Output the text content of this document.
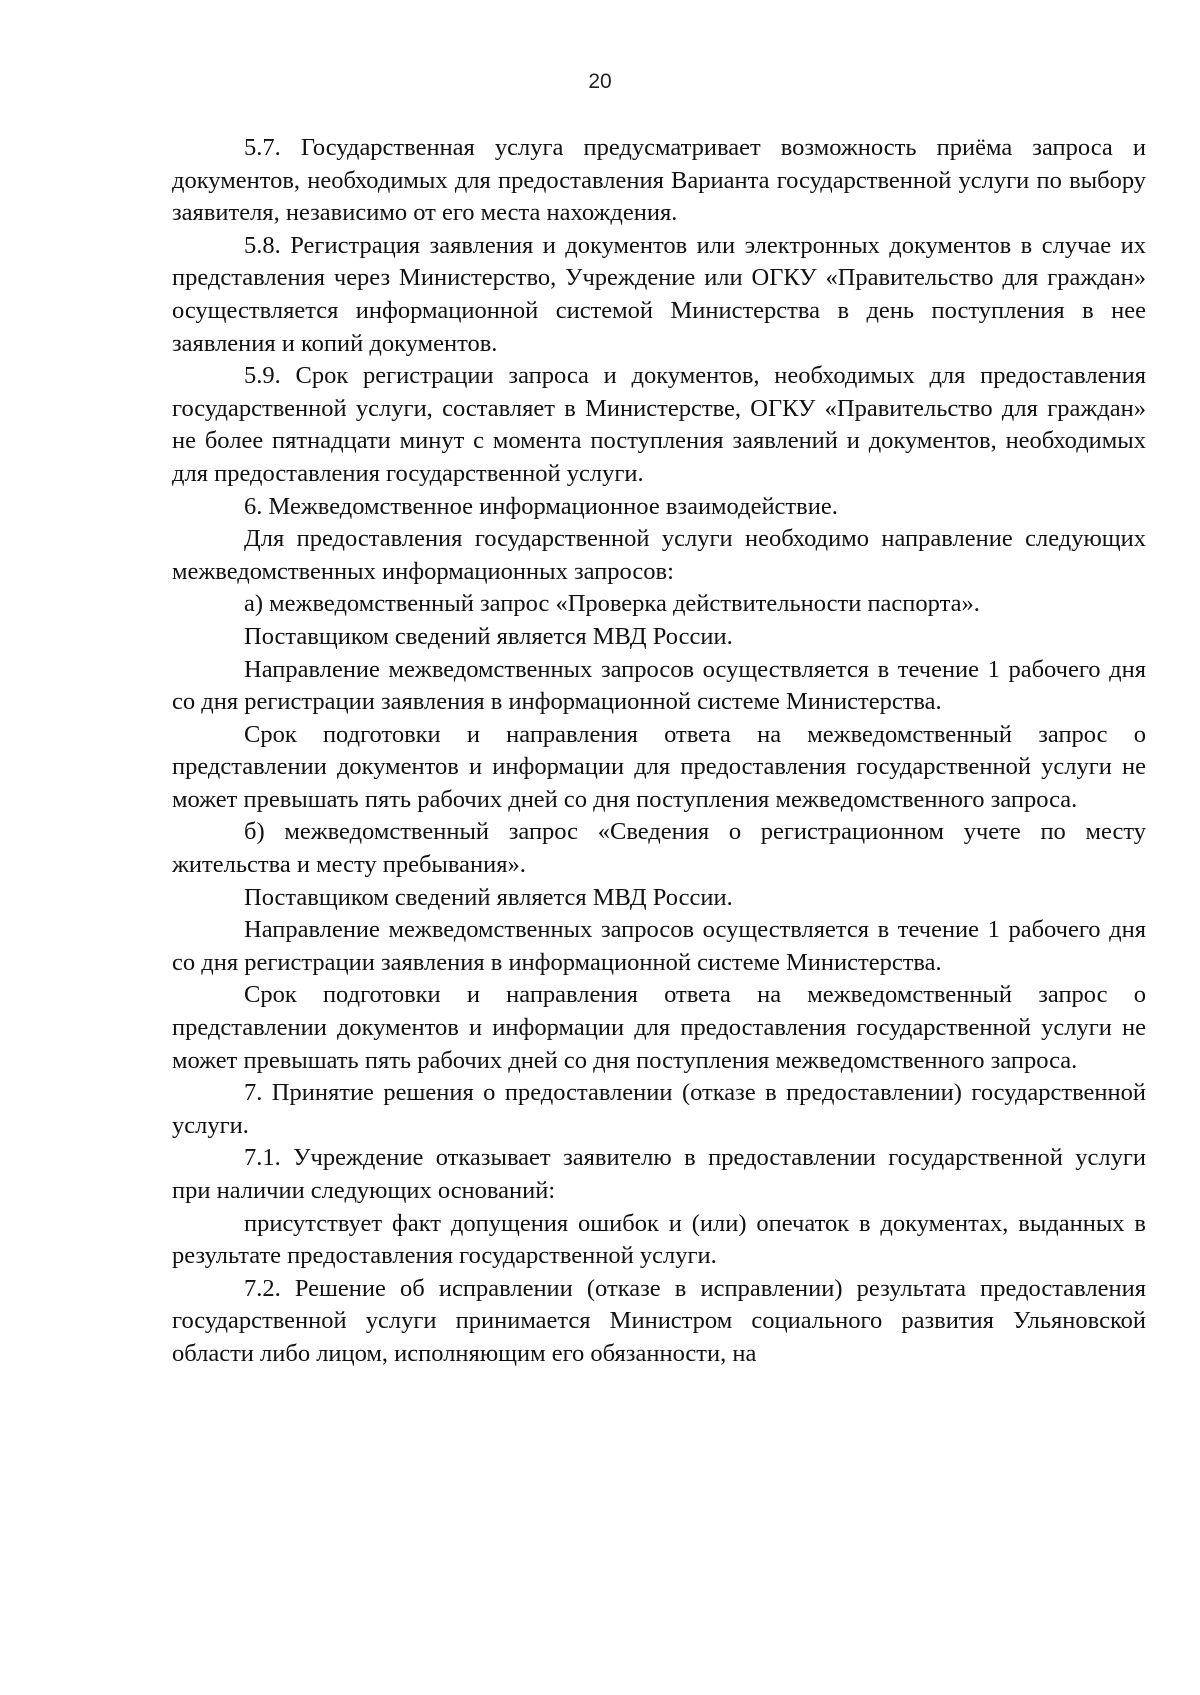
20

5.7. Государственная услуга предусматривает возможность приёма запроса и документов, необходимых для предоставления Варианта государственной услуги по выбору заявителя, независимо от его места нахождения.

5.8. Регистрация заявления и документов или электронных документов в случае их представления через Министерство, Учреждение или ОГКУ «Правительство для граждан» осуществляется информационной системой Министерства в день поступления в нее заявления и копий документов.

5.9. Срок регистрации запроса и документов, необходимых для предоставления государственной услуги, составляет в Министерстве, ОГКУ «Правительство для граждан» не более пятнадцати минут с момента поступления заявлений и документов, необходимых для предоставления государственной услуги.

6. Межведомственное информационное взаимодействие.

Для предоставления государственной услуги необходимо направление следующих межведомственных информационных запросов:

а) межведомственный запрос «Проверка действительности паспорта».

Поставщиком сведений является МВД России.

Направление межведомственных запросов осуществляется в течение 1 рабочего дня со дня регистрации заявления в информационной системе Министерства.

Срок подготовки и направления ответа на межведомственный запрос о представлении документов и информации для предоставления государственной услуги не может превышать пять рабочих дней со дня поступления межведомственного запроса.

б) межведомственный запрос «Сведения о регистрационном учете по месту жительства и месту пребывания».

Поставщиком сведений является МВД России.

Направление межведомственных запросов осуществляется в течение 1 рабочего дня со дня регистрации заявления в информационной системе Министерства.

Срок подготовки и направления ответа на межведомственный запрос о представлении документов и информации для предоставления государственной услуги не может превышать пять рабочих дней со дня поступления межведомственного запроса.

7. Принятие решения о предоставлении (отказе в предоставлении) государственной услуги.

7.1. Учреждение отказывает заявителю в предоставлении государственной услуги при наличии следующих оснований:

присутствует факт допущения ошибок и (или) опечаток в документах, выданных в результате предоставления государственной услуги.

7.2. Решение об исправлении (отказе в исправлении) результата предоставления государственной услуги принимается Министром социального развития Ульяновской области либо лицом, исполняющим его обязанности, на
